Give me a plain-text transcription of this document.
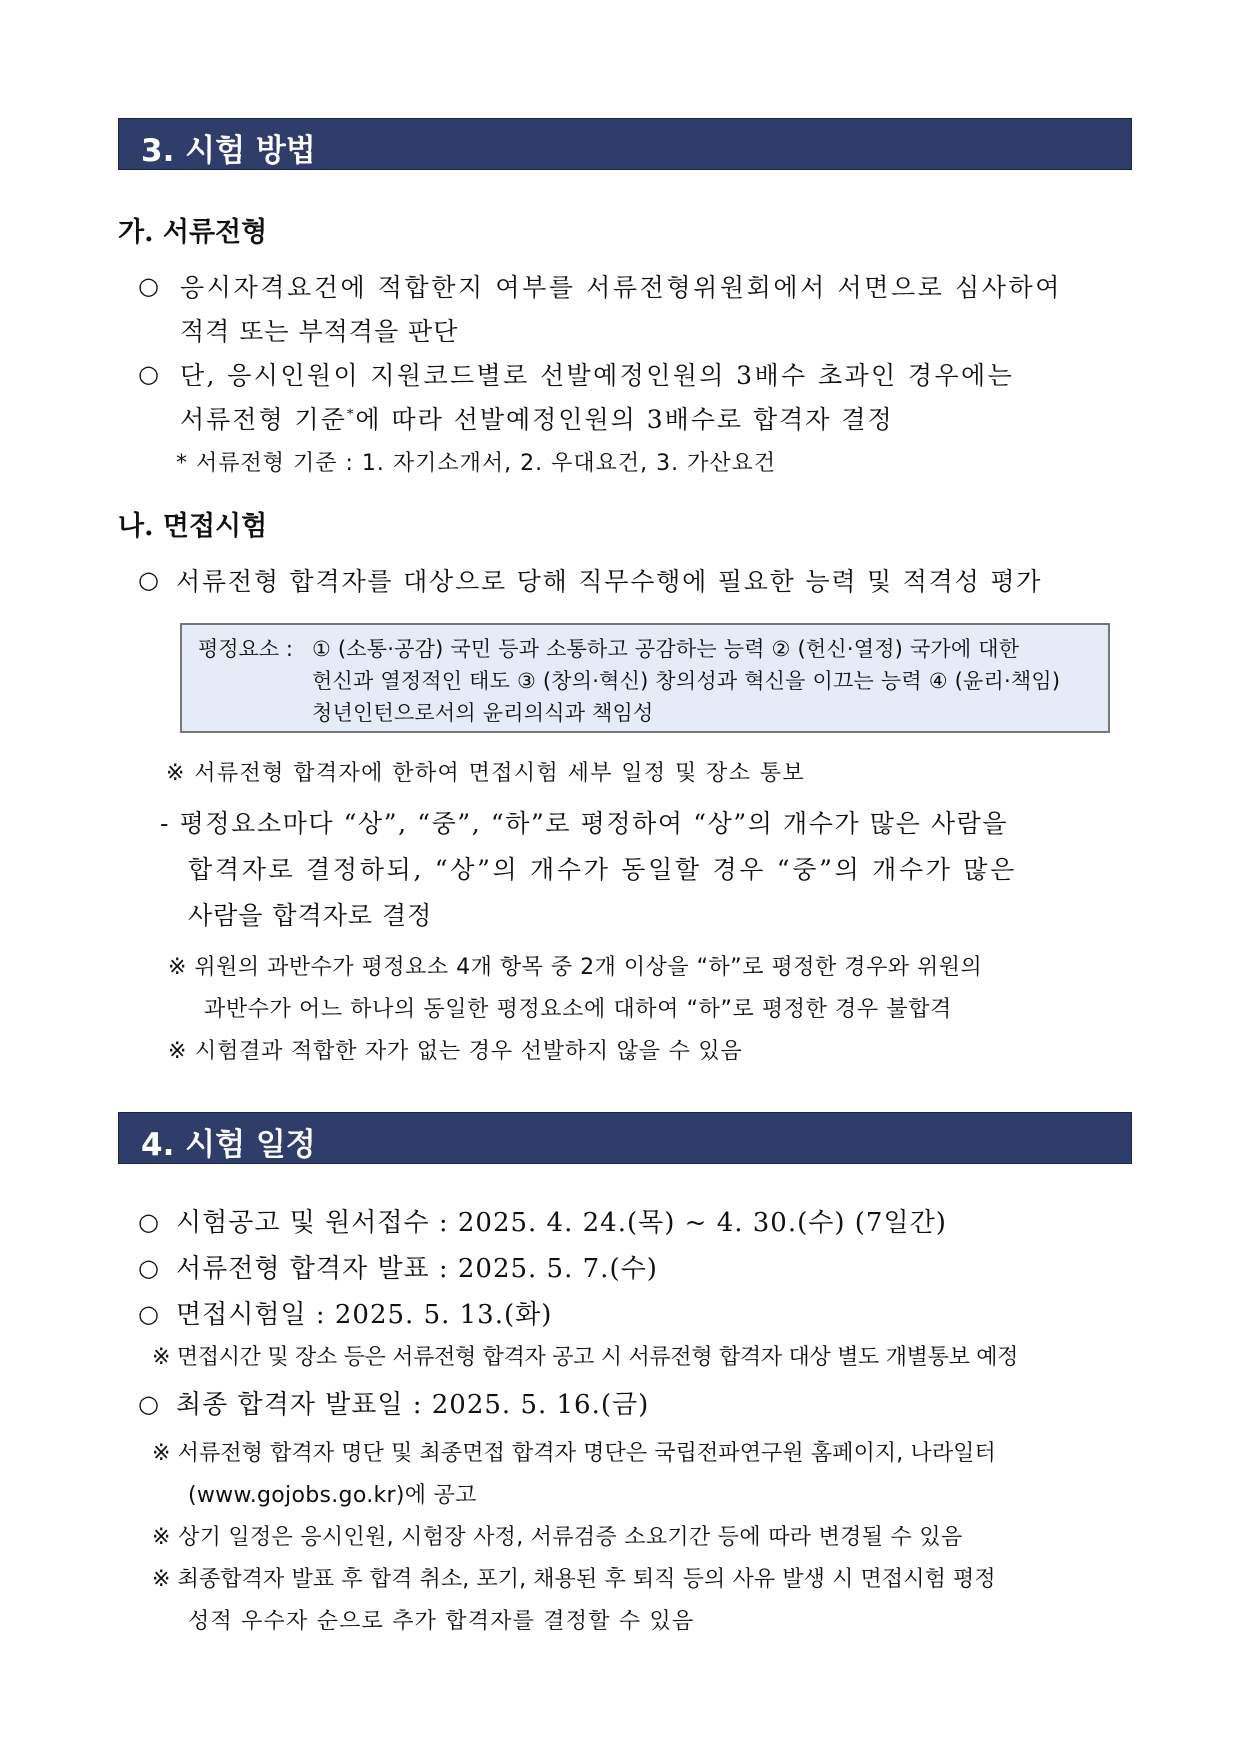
3. 시험 방법
가. 서류전형
○ 응시자격요건에 적합한지 여부를 서류전형위원회에서 서면으로 심사하여
적격 또는 부적격을 판단
○ 단, 응시인원이 지원코드별로 선발예정인원의 3배수 초과인 경우에는
서류전형 기준*에 따라 선발예정인원의 3배수로 합격자 결정
* 서류전형 기준 : 1. 자기소개서, 2. 우대요건, 3. 가산요건
나. 면접시험
○ 서류전형 합격자를 대상으로 당해 직무수행에 필요한 능력 및 적격성 평가
평정요소 : ① (소통·공감) 국민 등과 소통하고 공감하는 능력 ② (헌신·열정) 국가에 대한
헌신과 열정적인 태도 ③ (창의·혁신) 창의성과 혁신을 이끄는 능력 ④ (윤리·책임)
청년인턴으로서의 윤리의식과 책임성
※ 서류전형 합격자에 한하여 면접시험 세부 일정 및 장소 통보
- 평정요소마다 “상”, “중”, “하”로 평정하여 “상”의 개수가 많은 사람을
합격자로 결정하되, “상”의 개수가 동일할 경우 “중”의 개수가 많은
사람을 합격자로 결정
※ 위원의 과반수가 평정요소 4개 항목 중 2개 이상을 “하”로 평정한 경우와 위원의
과반수가 어느 하나의 동일한 평정요소에 대하여 “하”로 평정한 경우 불합격
※ 시험결과 적합한 자가 없는 경우 선발하지 않을 수 있음
4. 시험 일정
○ 시험공고 및 원서접수 : 2025. 4. 24.(목) ~ 4. 30.(수) (7일간)
○ 서류전형 합격자 발표 : 2025. 5. 7.(수)
○ 면접시험일 : 2025. 5. 13.(화)
※ 면접시간 및 장소 등은 서류전형 합격자 공고 시 서류전형 합격자 대상 별도 개별통보 예정
○ 최종 합격자 발표일 : 2025. 5. 16.(금)
※ 서류전형 합격자 명단 및 최종면접 합격자 명단은 국립전파연구원 홈페이지, 나라일터
(www.gojobs.go.kr)에 공고
※ 상기 일정은 응시인원, 시험장 사정, 서류검증 소요기간 등에 따라 변경될 수 있음
※ 최종합격자 발표 후 합격 취소, 포기, 채용된 후 퇴직 등의 사유 발생 시 면접시험 평정
성적 우수자 순으로 추가 합격자를 결정할 수 있음
